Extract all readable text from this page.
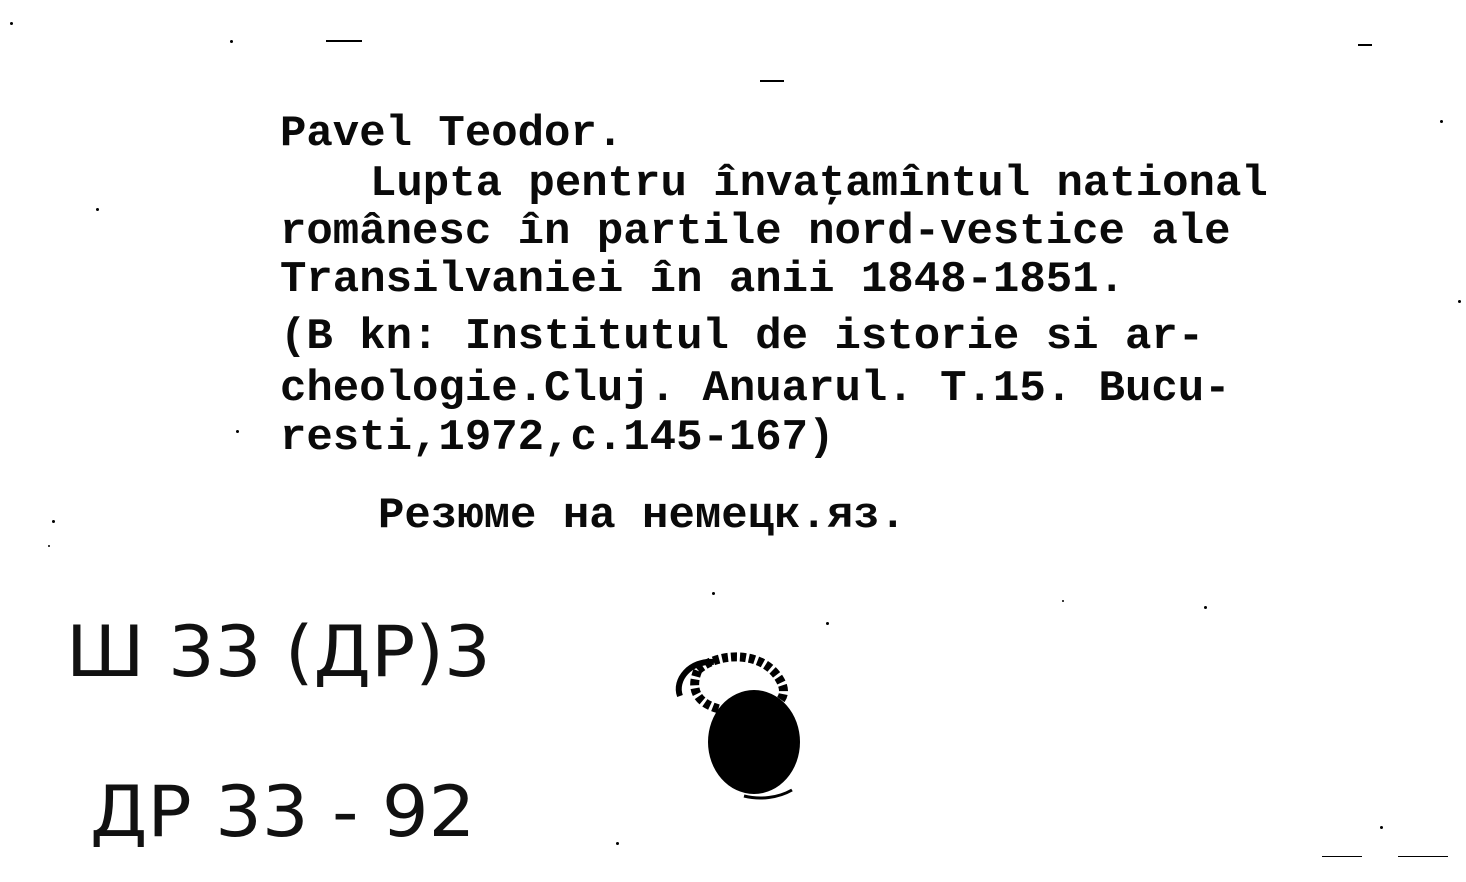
Pavel Teodor.
Lupta pentru învaţamîntul national
românesc în partile nord-vestice ale
Transilvaniei în anii 1848-1851.
(B kn: Institutul de istorie si ar-
cheologie.Cluj. Anuarul. T.15. Bucu-
resti,1972,c.145-167)
Резюме на немецк.яз.
Ш 33 (ДР)3
ДР 33 - 92
